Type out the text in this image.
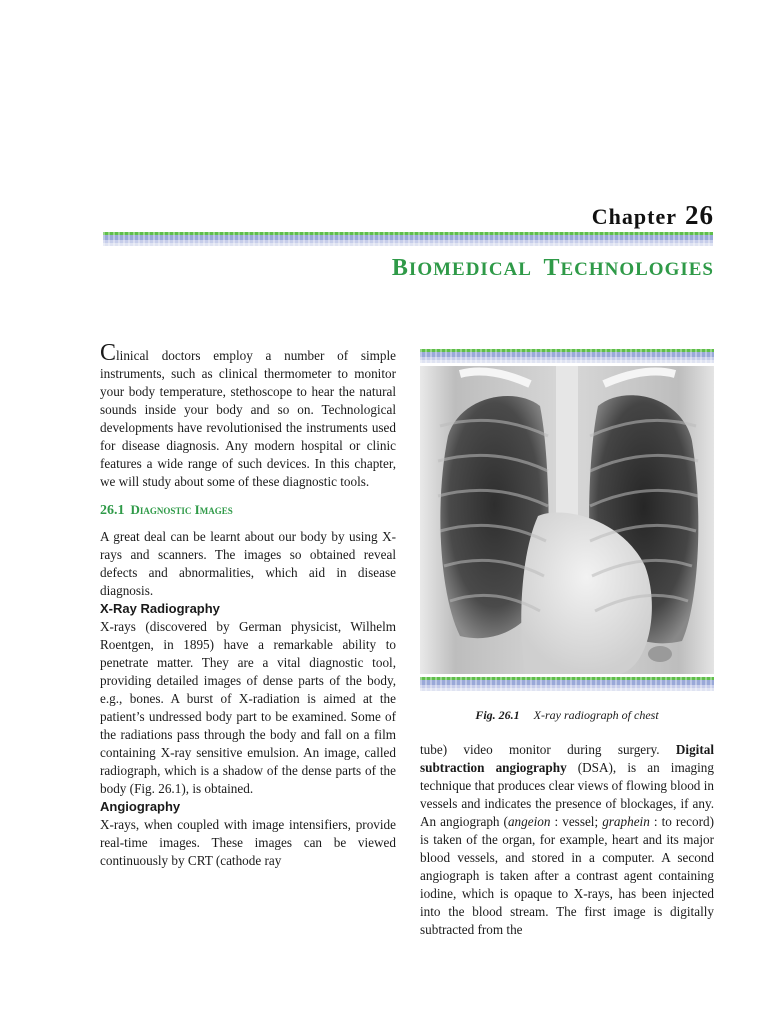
Chapter 26
BIOMEDICAL TECHNOLOGIES

Clinical doctors employ a number of simple instruments, such as clinical thermometer to monitor your body temperature, stethoscope to hear the natural sounds inside your body and so on. Technological developments have revolutionised the instruments used for disease diagnosis. Any modern hospital or clinic features a wide range of such devices. In this chapter, we will study about some of these diagnostic tools.

26.1 Diagnostic Images

A great deal can be learnt about our body by using X-rays and scanners. The images so obtained reveal defects and abnormalities, which aid in disease diagnosis.

X-Ray Radiography

X-rays (discovered by German physicist, Wilhelm Roentgen, in 1895) have a remarkable ability to penetrate matter. They are a vital diagnostic tool, providing detailed images of dense parts of the body, e.g., bones. A burst of X-radiation is aimed at the patient’s undressed body part to be examined. Some of the radiations pass through the body and fall on a film containing X-ray sensitive emulsion. An image, called radiograph, which is a shadow of the dense parts of the body (Fig. 26.1), is obtained.

Angiography

X-rays, when coupled with image intensifiers, provide real-time images. These images can be viewed continuously by CRT (cathode ray

Fig. 26.1 X-ray radiograph of chest

tube) video monitor during surgery. Digital subtraction angiography (DSA), is an imaging technique that produces clear views of flowing blood in vessels and indicates the presence of blockages, if any. An angiograph (angeion : vessel; graphein : to record) is taken of the organ, for example, heart and its major blood vessels, and stored in a computer. A second angiograph is taken after a contrast agent containing iodine, which is opaque to X-rays, has been injected into the blood stream. The first image is digitally subtracted from the
